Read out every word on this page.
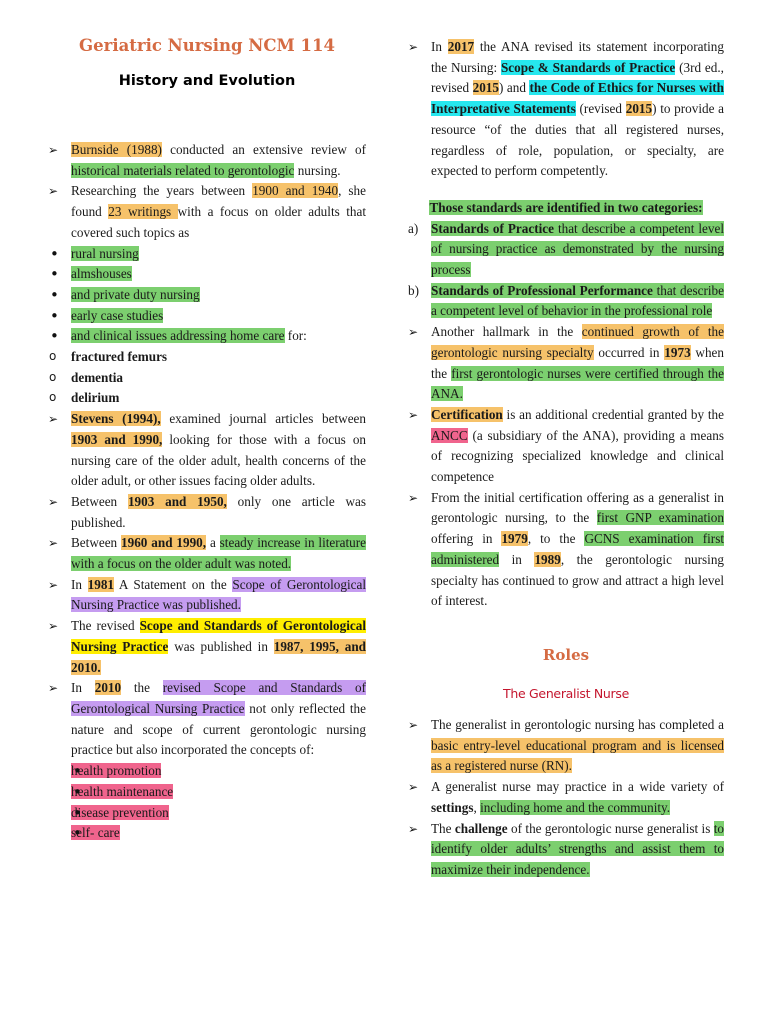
Geriatric Nursing NCM 114
History and Evolution
➢ Burnside (1988) conducted an extensive review of historical materials related to gerontologic nursing.
➢ Researching the years between 1900 and 1940, she found 23 writings with a focus on older adults that covered such topics as
• rural nursing
• almshouses
• and private duty nursing
• early case studies
• and clinical issues addressing home care for:
o fractured femurs
o dementia
o delirium
➢ Stevens (1994), examined journal articles between 1903 and 1990, looking for those with a focus on nursing care of the older adult, health concerns of the older adult, or other issues facing older adults.
➢ Between 1903 and 1950, only one article was published.
➢ Between 1960 and 1990, a steady increase in literature with a focus on the older adult was noted.
➢ In 1981 A Statement on the Scope of Gerontological Nursing Practice was published.
➢ The revised Scope and Standards of Gerontological Nursing Practice was published in 1987, 1995, and 2010.
➢ In 2010 the revised Scope and Standards of Gerontological Nursing Practice not only reflected the nature and scope of current gerontologic nursing practice but also incorporated the concepts of:
• health promotion
• health maintenance
• disease prevention
• self- care
➢ In 2017 the ANA revised its statement incorporating the Nursing: Scope & Standards of Practice (3rd ed., revised 2015) and the Code of Ethics for Nurses with Interpretative Statements (revised 2015) to provide a resource “of the duties that all registered nurses, regardless of role, population, or specialty, are expected to perform competently.
Those standards are identified in two categories:
a) Standards of Practice that describe a competent level of nursing practice as demonstrated by the nursing process
b) Standards of Professional Performance that describe a competent level of behavior in the professional role
➢ Another hallmark in the continued growth of the gerontologic nursing specialty occurred in 1973 when the first gerontologic nurses were certified through the ANA.
➢ Certification is an additional credential granted by the ANCC (a subsidiary of the ANA), providing a means of recognizing specialized knowledge and clinical competence
➢ From the initial certification offering as a generalist in gerontologic nursing, to the first GNP examination offering in 1979, to the GCNS examination first administered in 1989, the gerontologic nursing specialty has continued to grow and attract a high level of interest.
Roles
The Generalist Nurse
➢ The generalist in gerontologic nursing has completed a basic entry-level educational program and is licensed as a registered nurse (RN).
➢ A generalist nurse may practice in a wide variety of settings, including home and the community.
➢ The challenge of the gerontologic nurse generalist is to identify older adults’ strengths and assist them to maximize their independence.
